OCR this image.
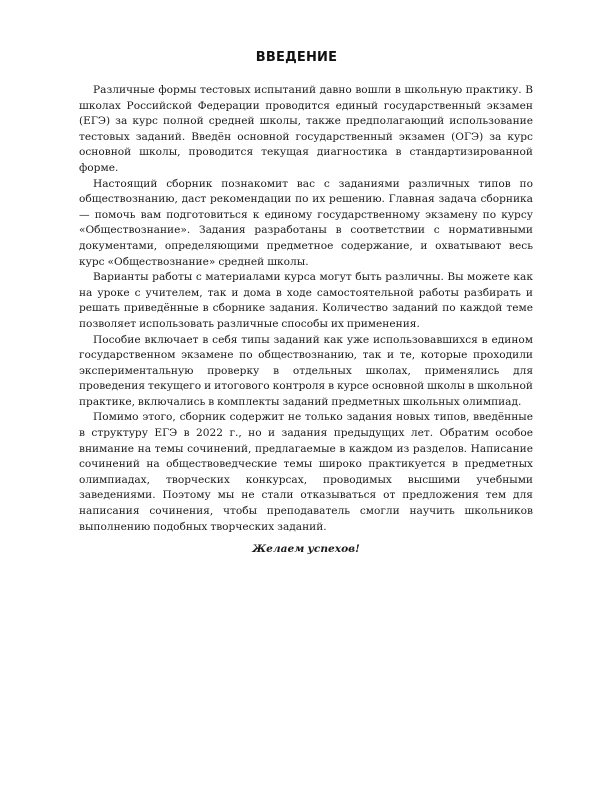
ВВЕДЕНИЕ

Различные формы тестовых испытаний давно вошли в школьную практику. В школах Российской Федерации проводится единый государственный экзамен (ЕГЭ) за курс полной средней школы, также предполагающий использование тестовых заданий. Введён основной государственный экзамен (ОГЭ) за курс основной школы, проводится текущая диагностика в стандартизированной форме.

Настоящий сборник познакомит вас с заданиями различных типов по обществознанию, даст рекомендации по их решению. Главная задача сборника — помочь вам подготовиться к единому государственному экзамену по курсу «Обществознание». Задания разработаны в соответствии с нормативными документами, определяющими предметное содержание, и охватывают весь курс «Обществознание» средней школы.

Варианты работы с материалами курса могут быть различны. Вы можете как на уроке с учителем, так и дома в ходе самостоятельной работы разбирать и решать приведённые в сборнике задания. Количество заданий по каждой теме позволяет использовать различные способы их применения.

Пособие включает в себя типы заданий как уже использовавшихся в едином государственном экзамене по обществознанию, так и те, которые проходили экспериментальную проверку в отдельных школах, применялись для проведения текущего и итогового контроля в курсе основной школы в школьной практике, включались в комплекты заданий предметных школьных олимпиад.

Помимо этого, сборник содержит не только задания новых типов, введённые в структуру ЕГЭ в 2022 г., но и задания предыдущих лет. Обратим особое внимание на темы сочинений, предлагаемые в каждом из разделов. Написание сочинений на обществоведческие темы широко практикуется в предметных олимпиадах, творческих конкурсах, проводимых высшими учебными заведениями. Поэтому мы не стали отказываться от предложения тем для написания сочинения, чтобы преподаватель смогли научить школьников выполнению подобных творческих заданий.

Желаем успехов!
